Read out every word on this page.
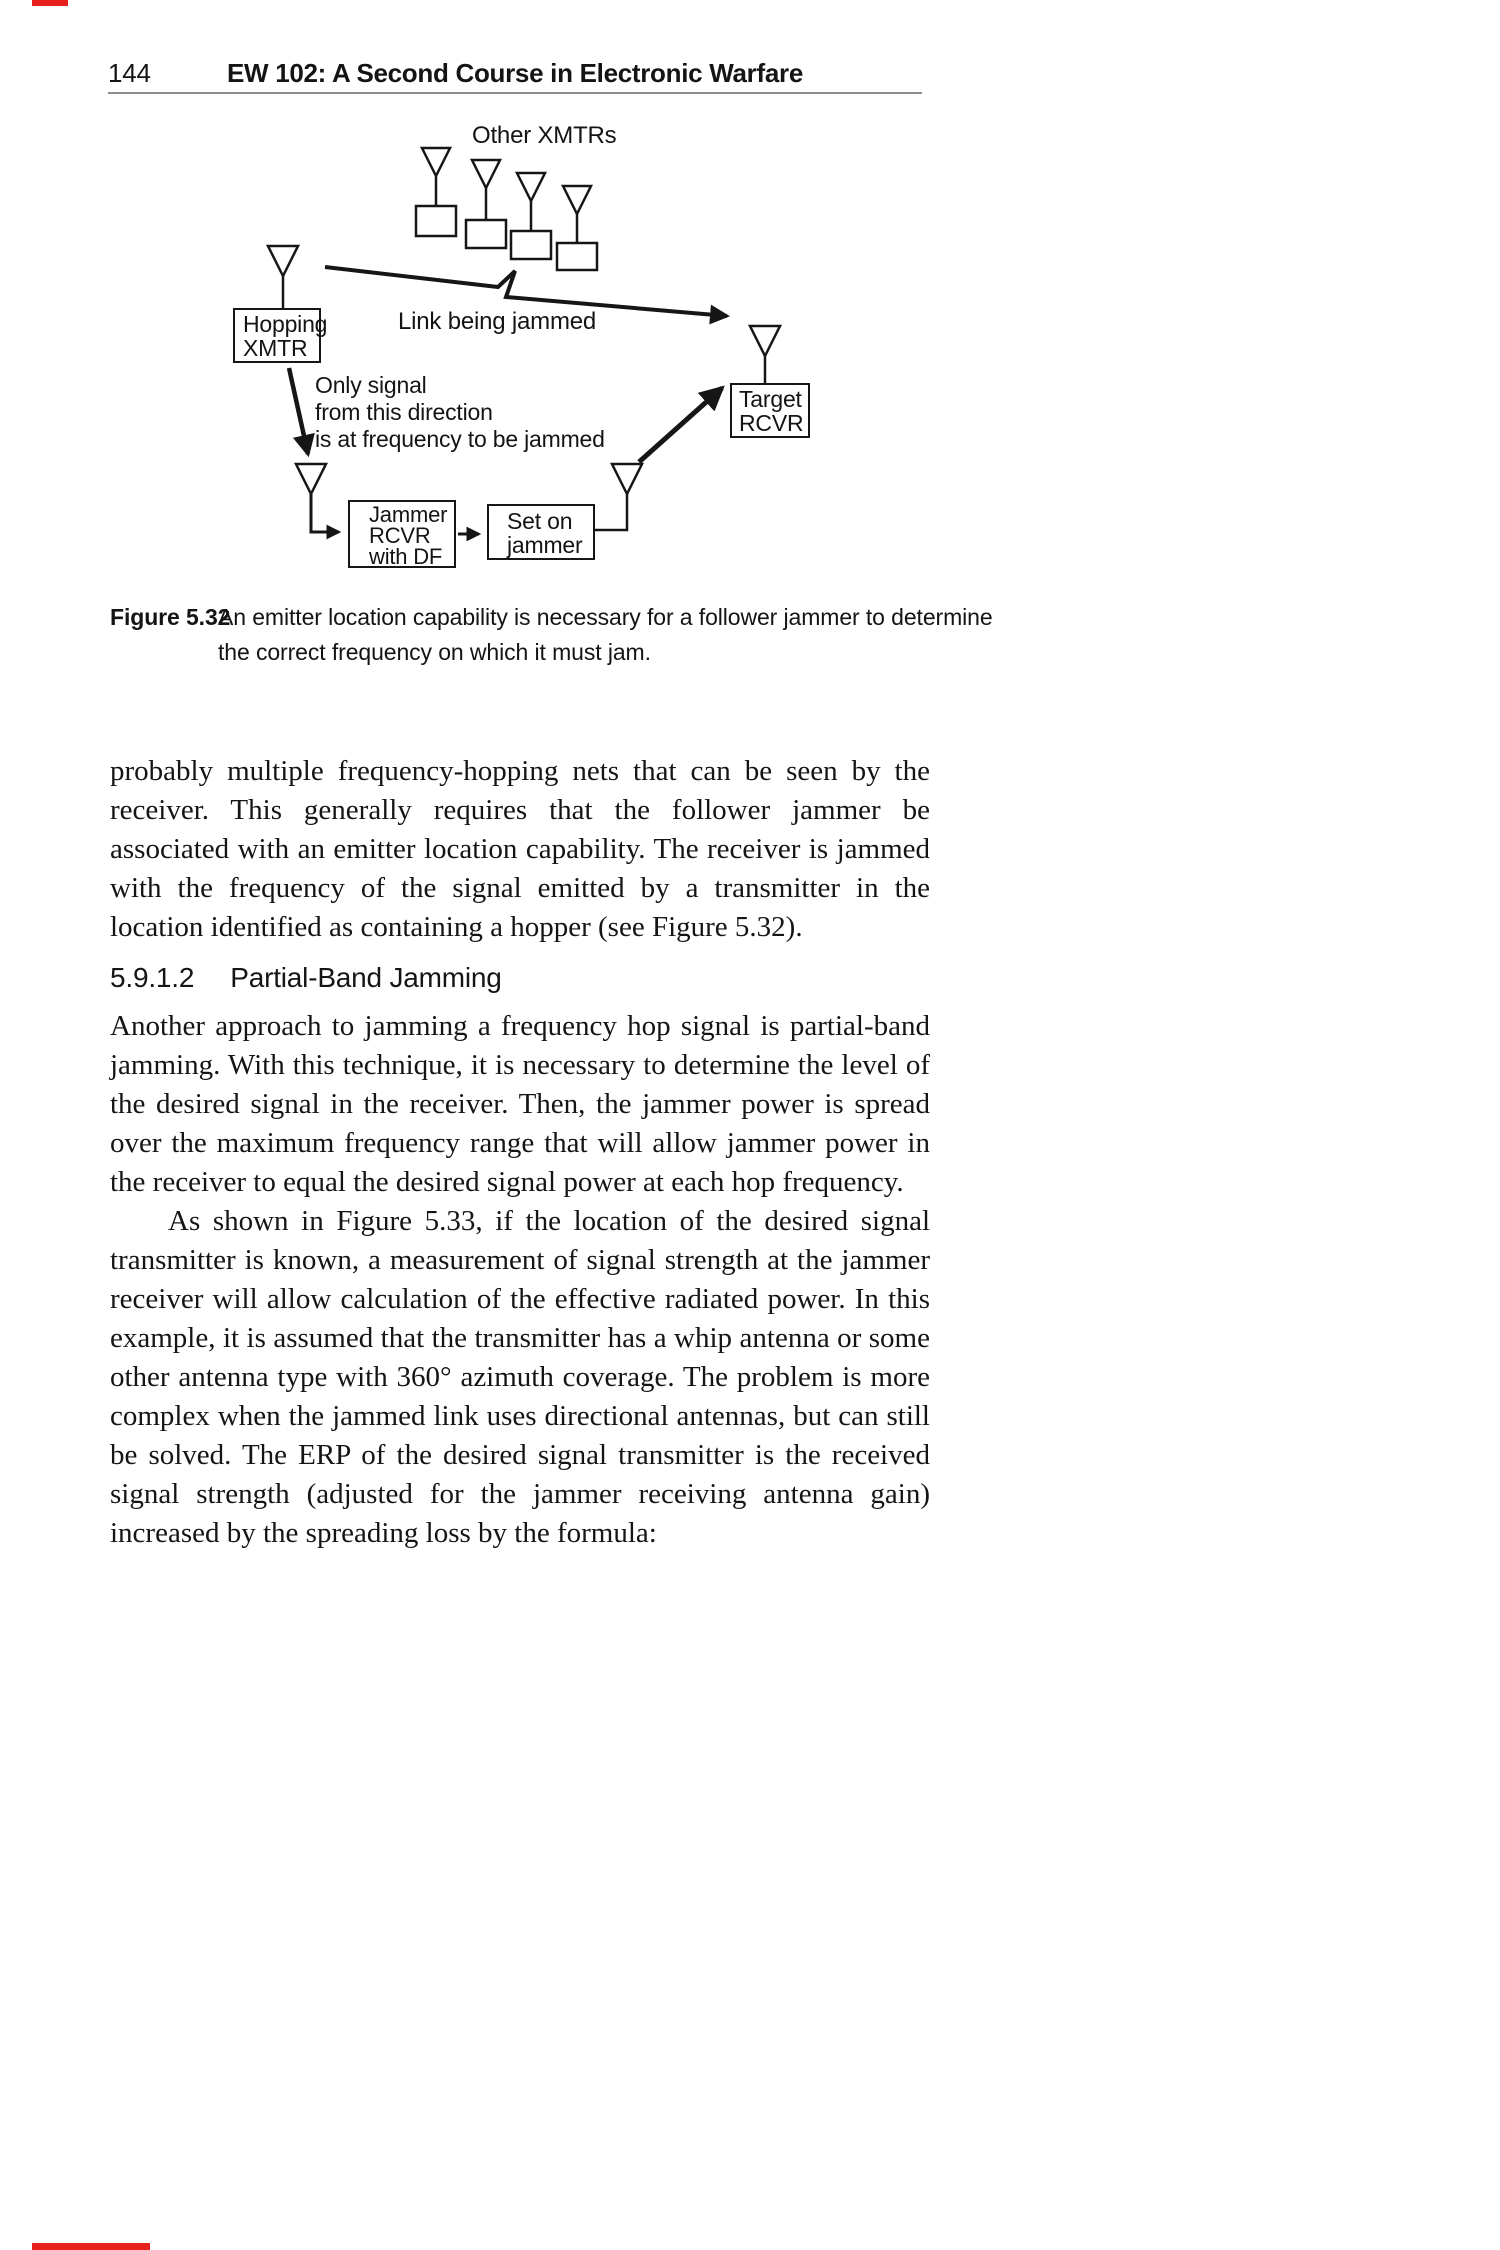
144	EW 102: A Second Course in Electronic Warfare
Other XMTRs
Link being jammed
Only signal
from this direction
is at frequency to be jammed
Hopping
XMTR
Target
RCVR
Jammer
RCVR
with DF
Set on
jammer
Figure 5.32
An emitter location capability is necessary for a follower jammer to determine
the correct frequency on which it must jam.

probably multiple frequency-hopping nets that can be seen by the receiver. This generally requires that the follower jammer be associated with an emitter location capability. The receiver is jammed with the frequency of the signal emitted by a transmitter in the location identified as containing a hopper (see Figure 5.32).

5.9.1.2 Partial-Band Jamming

Another approach to jamming a frequency hop signal is partial-band jamming. With this technique, it is necessary to determine the level of the desired signal in the receiver. Then, the jammer power is spread over the maximum frequency range that will allow jammer power in the receiver to equal the desired signal power at each hop frequency.

As shown in Figure 5.33, if the location of the desired signal transmitter is known, a measurement of signal strength at the jammer receiver will allow calculation of the effective radiated power. In this example, it is assumed that the transmitter has a whip antenna or some other antenna type with 360° azimuth coverage. The problem is more complex when the jammed link uses directional antennas, but can still be solved. The ERP of the desired signal transmitter is the received signal strength (adjusted for the jammer receiving antenna gain) increased by the spreading loss by the formula:
